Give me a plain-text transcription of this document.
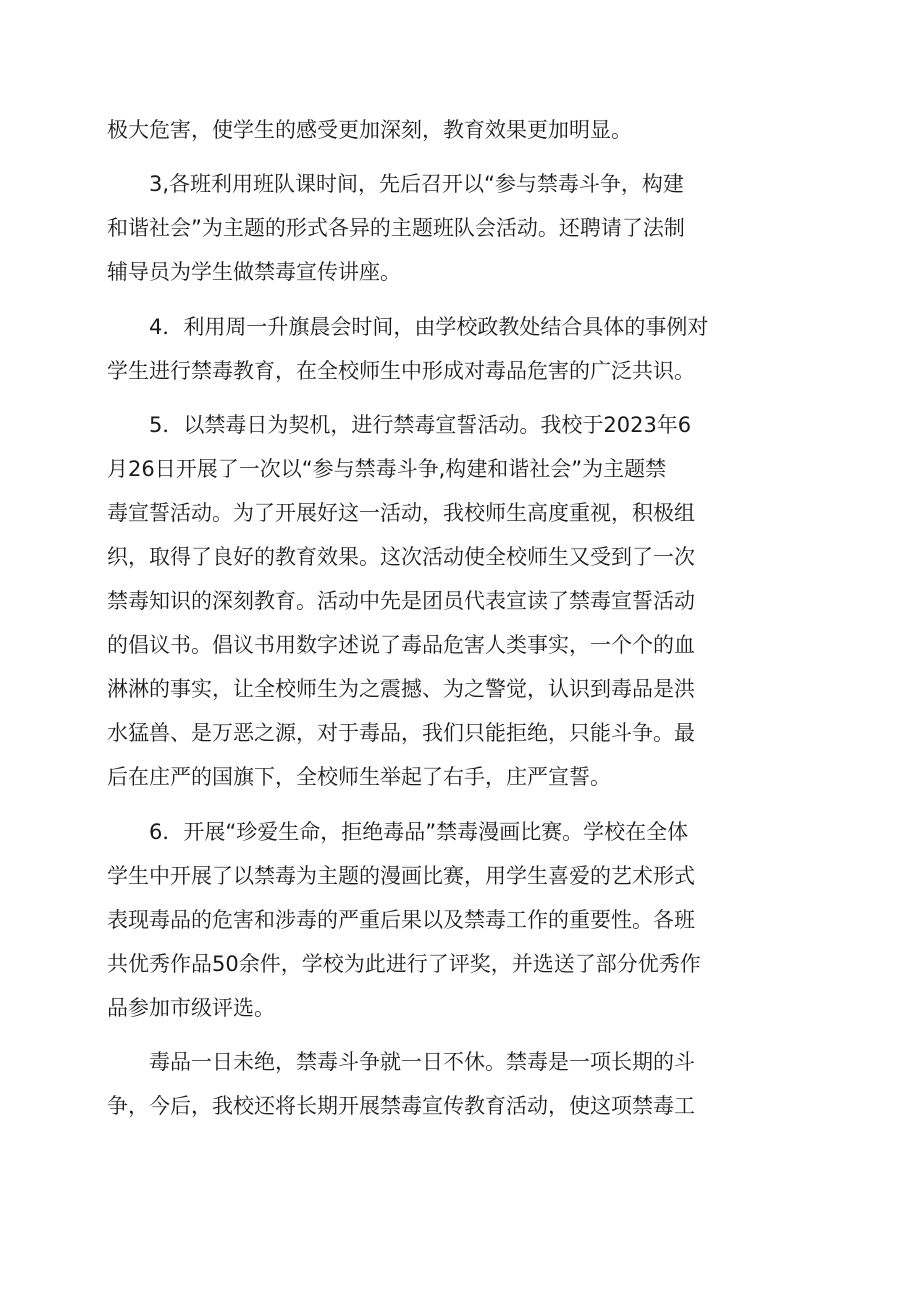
极大危害，使学生的感受更加深刻，教育效果更加明显。

3,各班利用班队课时间，先后召开以“参与禁毒斗争，构建

和谐社会”为主题的形式各异的主题班队会活动。还聘请了法制

辅导员为学生做禁毒宣传讲座。

4．利用周一升旗晨会时间，由学校政教处结合具体的事例对

学生进行禁毒教育，在全校师生中形成对毒品危害的广泛共识。

5．以禁毒日为契机，进行禁毒宣誓活动。我校于2023年6

月26日开展了一次以“参与禁毒斗争,构建和谐社会”为主题禁

毒宣誓活动。为了开展好这一活动，我校师生高度重视，积极组

织，取得了良好的教育效果。这次活动使全校师生又受到了一次

禁毒知识的深刻教育。活动中先是团员代表宣读了禁毒宣誓活动

的倡议书。倡议书用数字述说了毒品危害人类事实，一个个的血

淋淋的事实，让全校师生为之震撼、为之警觉，认识到毒品是洪

水猛兽、是万恶之源，对于毒品，我们只能拒绝，只能斗争。最

后在庄严的国旗下，全校师生举起了右手，庄严宣誓。

6．开展“珍爱生命，拒绝毒品”禁毒漫画比赛。学校在全体

学生中开展了以禁毒为主题的漫画比赛，用学生喜爱的艺术形式

表现毒品的危害和涉毒的严重后果以及禁毒工作的重要性。各班

共优秀作品50余件，学校为此进行了评奖，并选送了部分优秀作

品参加市级评选。

毒品一日未绝，禁毒斗争就一日不休。禁毒是一项长期的斗

争，今后，我校还将长期开展禁毒宣传教育活动，使这项禁毒工
